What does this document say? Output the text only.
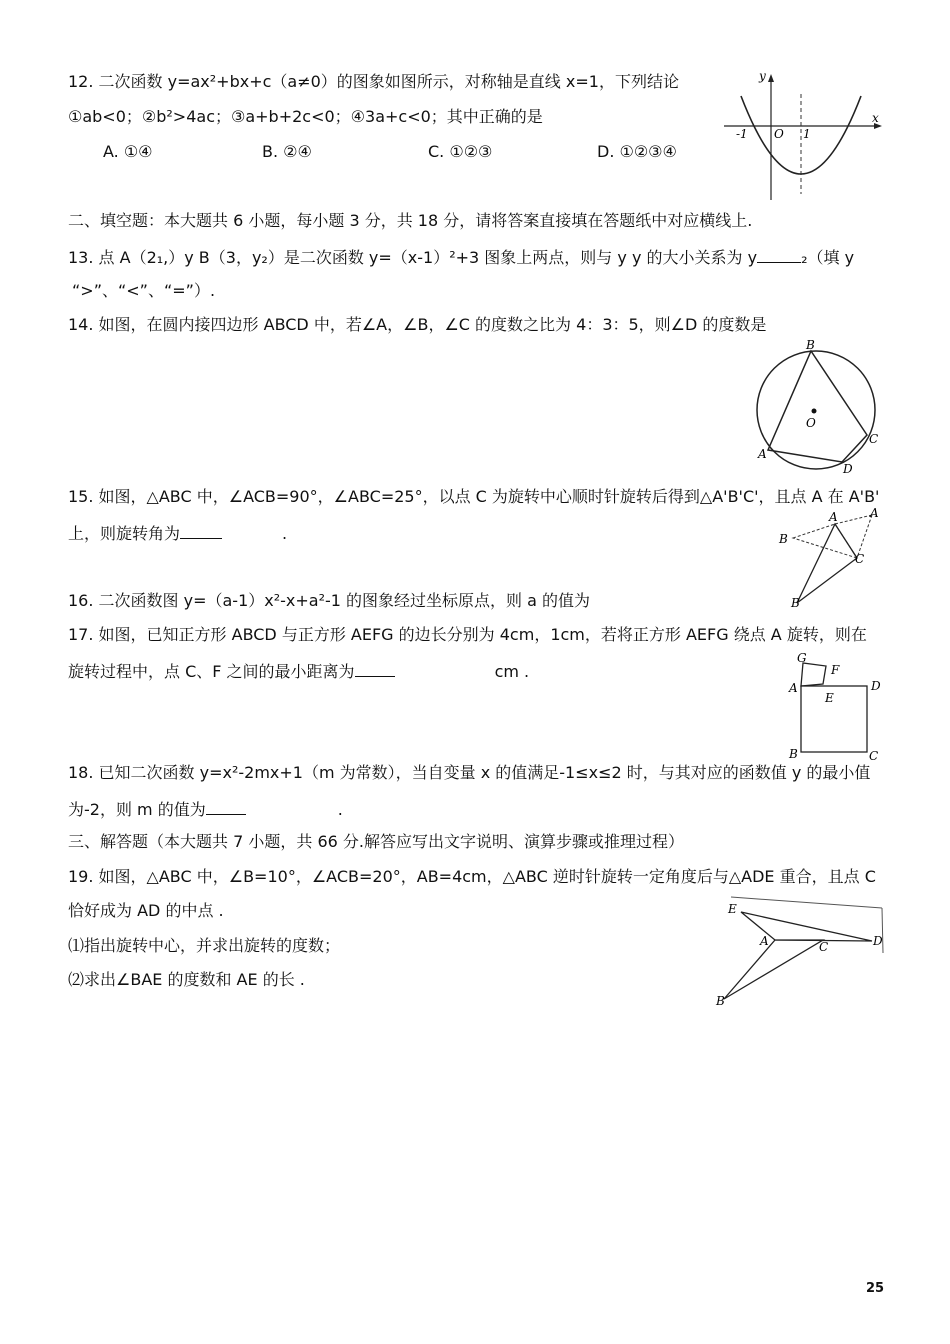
12. 二次函数 y=ax²+bx+c（a≠0）的图象如图所示，对称轴是直线 x=1，下列结论
①ab<0；②b²>4ac；③a+b+2c<0；④3a+c<0；其中正确的是
A. ①④	B. ②④	C. ①②③	D. ①②③④
y
x
-1 O 1
二、填空题：本大题共 6 小题，每小题 3 分，共 18 分，请将答案直接填在答题纸中对应横线上.
13. 点 A（2₁,）y B（3，y₂）是二次函数 y=（x-1）²+3 图象上两点，则与 y y 的大小关系为 y	₂（填 y
“>”、“<”、“=”）.
14. 如图，在圆内接四边形 ABCD 中，若∠A，∠B，∠C 的度数之比为 4：3：5，则∠D 的度数是
B
O
C
A
D
15. 如图，△ABC 中，∠ACB=90°，∠ABC=25°，以点 C 为旋转中心顺时针旋转后得到△A'B'C'，且点 A 在 A'B'
上，则旋转角为	.
A	A
B
C
B
16. 二次函数图 y=（a-1）x²-x+a²-1 的图象经过坐标原点，则 a 的值为
17. 如图，已知正方形 ABCD 与正方形 AEFG 的边长分别为 4cm，1cm，若将正方形 AEFG 绕点 A 旋转，则在
旋转过程中，点 C、F 之间的最小距离为	cm .
G
F
A
E
D
B	C
18. 已知二次函数 y=x²-2mx+1（m 为常数），当自变量 x 的值满足-1≤x≤2 时，与其对应的函数值 y 的最小值
为-2，则 m 的值为	.
三、解答题（本大题共 7 小题，共 66 分.解答应写出文字说明、演算步骤或推理过程）
19. 如图，△ABC 中，∠B=10°，∠ACB=20°，AB=4cm，△ABC 逆时针旋转一定角度后与△ADE 重合，且点 C
恰好成为 AD 的中点 .
⑴指出旋转中心，并求出旋转的度数；
⑵求出∠BAE 的度数和 AE 的长 .
E
A	C	D
B
25
